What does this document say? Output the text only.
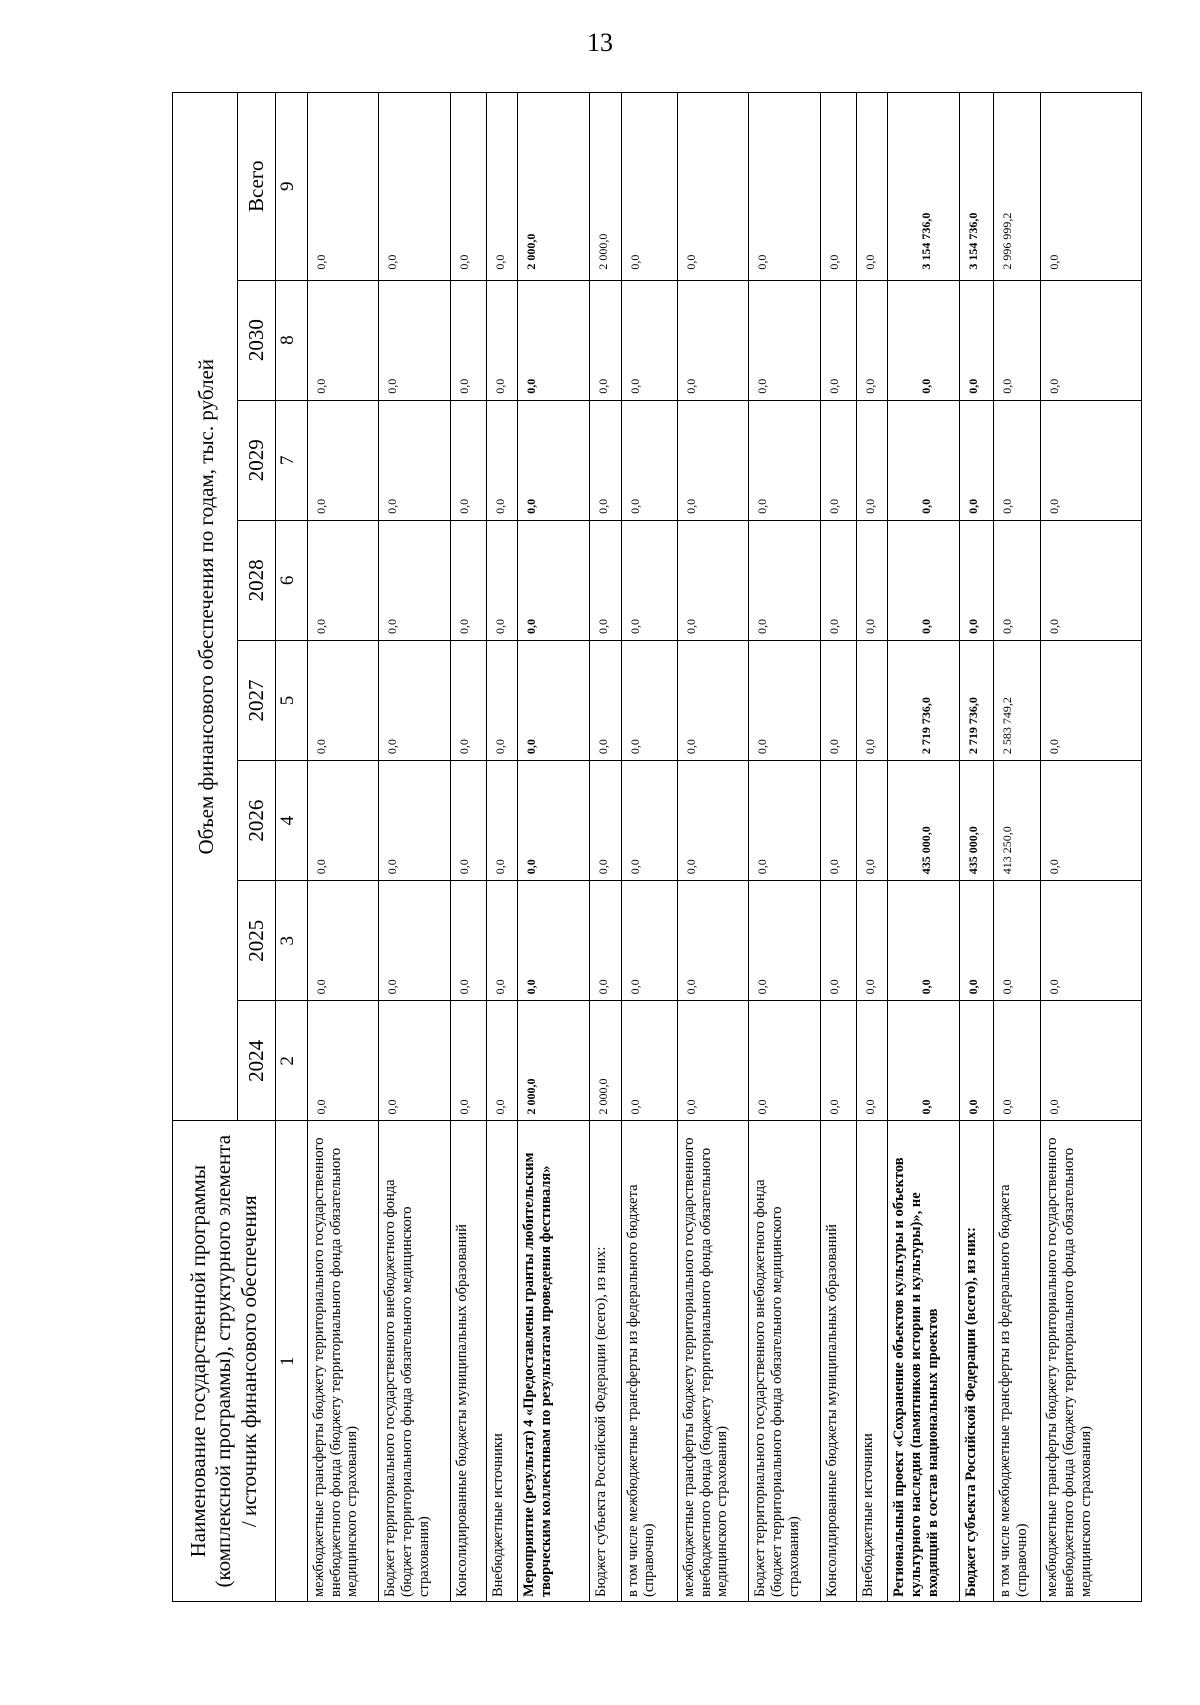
13
Наименование государственной программы (комплексной программы), структурного элемента / источник финансового обеспечения	Объем финансового обеспечения по годам, тыс. рублей							
	2024	2025	2026	2027	2028	2029	2030	Всего
1	2	3	4	5	6	7	8	9
межбюджетные трансферты бюджету территориального государственного внебюджетного фонда (бюджету территориального фонда обязательного медицинского страхования)	0,0	0,0	0,0	0,0	0,0	0,0	0,0	0,0
Бюджет территориального государственного внебюджетного фонда (бюджет территориального фонда обязательного медицинского страхования)	0,0	0,0	0,0	0,0	0,0	0,0	0,0	0,0
Консолидированные бюджеты муниципальных образований	0,0	0,0	0,0	0,0	0,0	0,0	0,0	0,0
Внебюджетные источники	0,0	0,0	0,0	0,0	0,0	0,0	0,0	0,0
Мероприятие (результат) 4 «Предоставлены гранты любительским творческим коллективам по результатам проведения фестиваля»	2 000,0	0,0	0,0	0,0	0,0	0,0	0,0	2 000,0
Бюджет субъекта Российской Федерации (всего), из них:	2 000,0	0,0	0,0	0,0	0,0	0,0	0,0	2 000,0
в том числе межбюджетные трансферты из федерального бюджета (справочно)	0,0	0,0	0,0	0,0	0,0	0,0	0,0	0,0
межбюджетные трансферты бюджету территориального государственного внебюджетного фонда (бюджету территориального фонда обязательного медицинского страхования)	0,0	0,0	0,0	0,0	0,0	0,0	0,0	0,0
Бюджет территориального государственного внебюджетного фонда (бюджет территориального фонда обязательного медицинского страхования)	0,0	0,0	0,0	0,0	0,0	0,0	0,0	0,0
Консолидированные бюджеты муниципальных образований	0,0	0,0	0,0	0,0	0,0	0,0	0,0	0,0
Внебюджетные источники	0,0	0,0	0,0	0,0	0,0	0,0	0,0	0,0
Региональный проект «Сохранение объектов культуры и объектов культурного наследия (памятников истории и культуры)», не входящий в состав национальных проектов	0,0	0,0	435 000,0	2 719 736,0	0,0	0,0	0,0	3 154 736,0
Бюджет субъекта Российской Федерации (всего), из них:	0,0	0,0	435 000,0	2 719 736,0	0,0	0,0	0,0	3 154 736,0
в том числе межбюджетные трансферты из федерального бюджета (справочно)	0,0	0,0	413 250,0	2 583 749,2	0,0	0,0	0,0	2 996 999,2
межбюджетные трансферты бюджету территориального государственного внебюджетного фонда (бюджету территориального фонда обязательного медицинского страхования)	0,0	0,0	0,0	0,0	0,0	0,0	0,0	0,0
